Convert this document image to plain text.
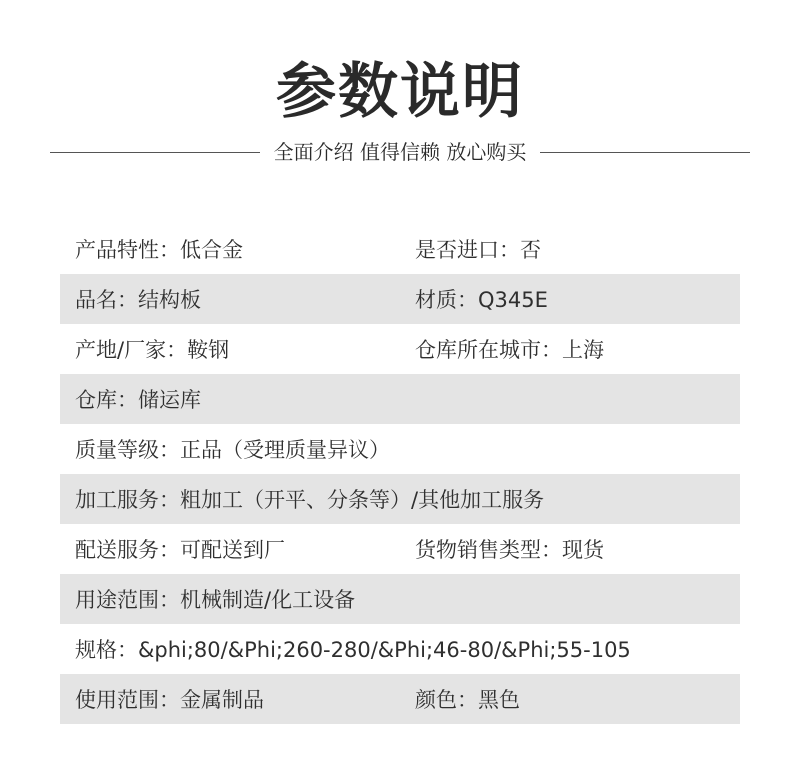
参数说明
全面介绍 值得信赖 放心购买
产品特性：低合金	是否进口：否
品名：结构板	材质：Q345E
产地/厂家：鞍钢	仓库所在城市：上海
仓库：储运库
质量等级：正品（受理质量异议）
加工服务：粗加工（开平、分条等）/其他加工服务
配送服务：可配送到厂	货物销售类型：现货
用途范围：机械制造/化工设备
规格：&phi;80/&Phi;260-280/&Phi;46-80/&Phi;55-105
使用范围：金属制品	颜色：黑色
